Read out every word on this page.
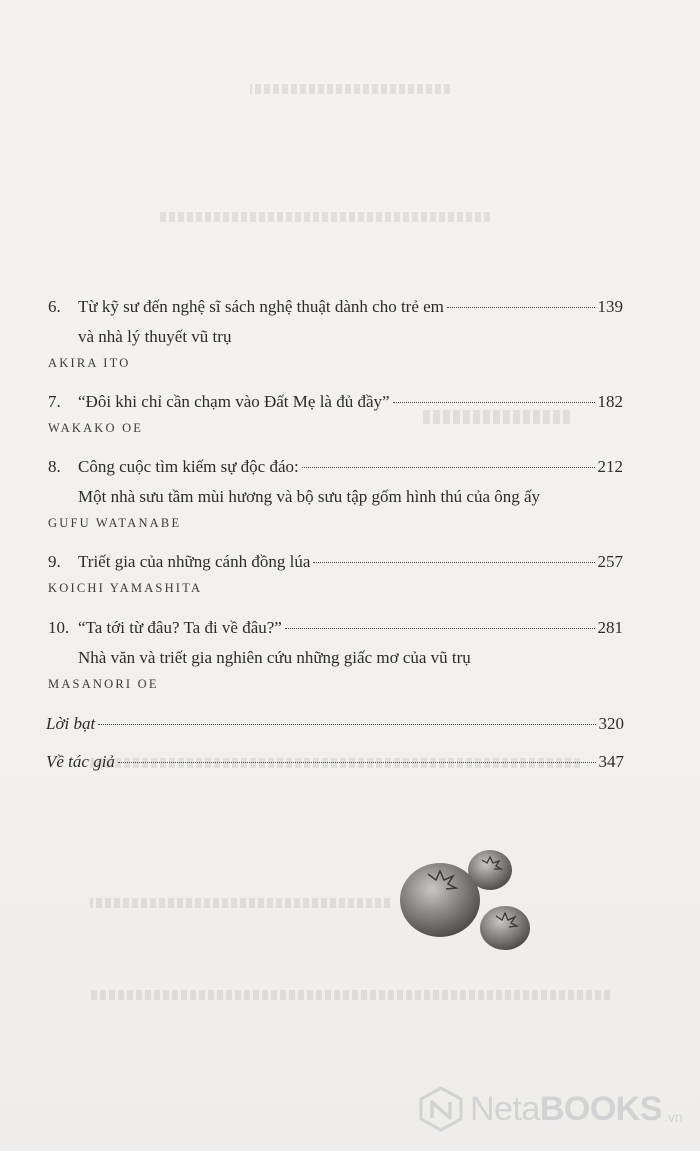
6.	Từ kỹ sư đến nghệ sĩ sách nghệ thuật dành cho trẻ em	139
và nhà lý thuyết vũ trụ
AKIRA ITO
7.	“Đôi khi chỉ cần chạm vào Đất Mẹ là đủ đầy”	182
WAKAKO OE
8.	Công cuộc tìm kiếm sự độc đáo:	212
Một nhà sưu tầm mùi hương và bộ sưu tập gốm hình thú của ông ấy
GUFU WATANABE
9.	Triết gia của những cánh đồng lúa	257
KOICHI YAMASHITA
10. “Ta tới từ đâu? Ta đi về đâu?”	281
Nhà văn và triết gia nghiên cứu những giấc mơ của vũ trụ
MASANORI OE
Lời bạt	320
Về tác giả	347
NetaBOOKS .vn
